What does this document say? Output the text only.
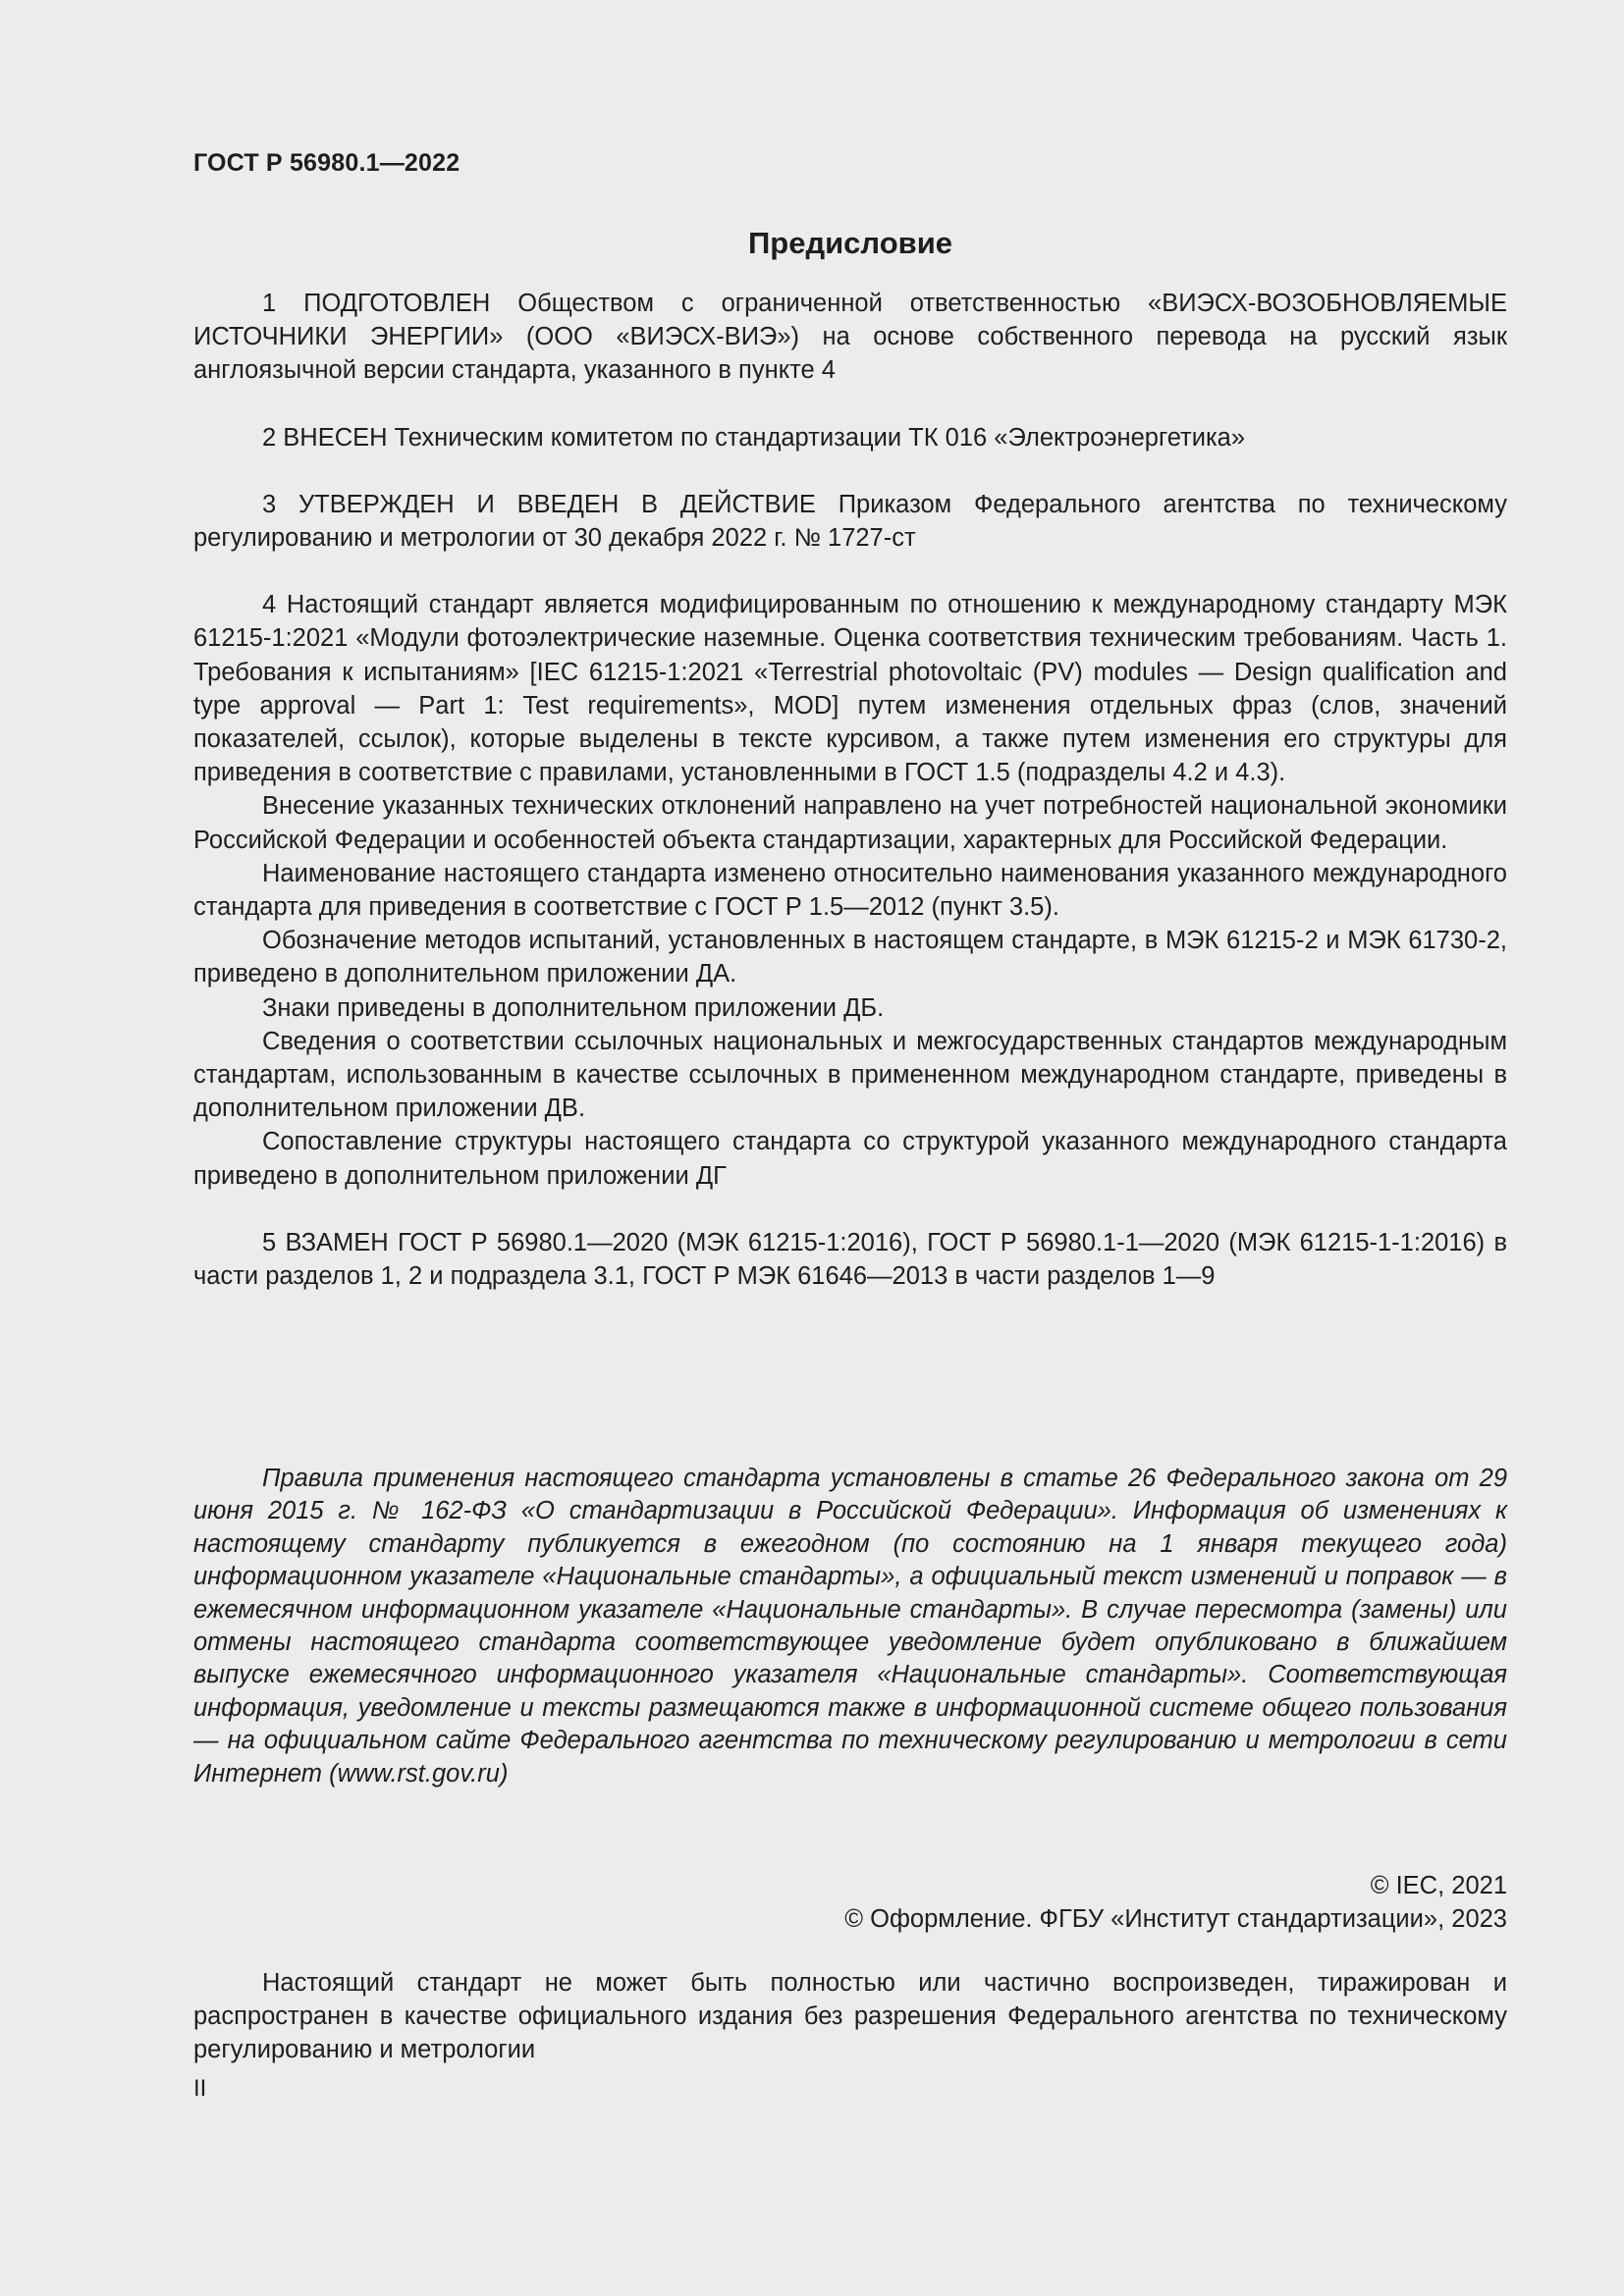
ГОСТ Р 56980.1—2022
Предисловие

1 ПОДГОТОВЛЕН Обществом с ограниченной ответственностью «ВИЭСХ-ВОЗОБНОВЛЯЕМЫЕ ИСТОЧНИКИ ЭНЕРГИИ» (ООО «ВИЭСХ-ВИЭ») на основе собственного перевода на русский язык англоязычной версии стандарта, указанного в пункте 4

2 ВНЕСЕН Техническим комитетом по стандартизации ТК 016 «Электроэнергетика»

3 УТВЕРЖДЕН И ВВЕДЕН В ДЕЙСТВИЕ Приказом Федерального агентства по техническому регулированию и метрологии от 30 декабря 2022 г. № 1727-ст

4 Настоящий стандарт является модифицированным по отношению к международному стандарту МЭК 61215-1:2021 «Модули фотоэлектрические наземные. Оценка соответствия техническим требованиям. Часть 1. Требования к испытаниям» [IEC 61215-1:2021 «Terrestrial photovoltaic (PV) modules — Design qualification and type approval — Part 1: Test requirements», MOD] путем изменения отдельных фраз (слов, значений показателей, ссылок), которые выделены в тексте курсивом, а также путем изменения его структуры для приведения в соответствие с правилами, установленными в ГОСТ 1.5 (подразделы 4.2 и 4.3).

Внесение указанных технических отклонений направлено на учет потребностей национальной экономики Российской Федерации и особенностей объекта стандартизации, характерных для Российской Федерации.

Наименование настоящего стандарта изменено относительно наименования указанного международного стандарта для приведения в соответствие с ГОСТ Р 1.5—2012 (пункт 3.5).

Обозначение методов испытаний, установленных в настоящем стандарте, в МЭК 61215-2 и МЭК 61730-2, приведено в дополнительном приложении ДА.

Знаки приведены в дополнительном приложении ДБ.

Сведения о соответствии ссылочных национальных и межгосударственных стандартов международным стандартам, использованным в качестве ссылочных в примененном международном стандарте, приведены в дополнительном приложении ДВ.

Сопоставление структуры настоящего стандарта со структурой указанного международного стандарта приведено в дополнительном приложении ДГ

5 ВЗАМЕН ГОСТ Р 56980.1—2020 (МЭК 61215-1:2016), ГОСТ Р 56980.1-1—2020 (МЭК 61215-1-1:2016) в части разделов 1, 2 и подраздела 3.1, ГОСТ Р МЭК 61646—2013 в части разделов 1—9

Правила применения настоящего стандарта установлены в статье 26 Федерального закона от 29 июня 2015 г. № 162-ФЗ «О стандартизации в Российской Федерации». Информация об изменениях к настоящему стандарту публикуется в ежегодном (по состоянию на 1 января текущего года) информационном указателе «Национальные стандарты», а официальный текст изменений и поправок — в ежемесячном информационном указателе «Национальные стандарты». В случае пересмотра (замены) или отмены настоящего стандарта соответствующее уведомление будет опубликовано в ближайшем выпуске ежемесячного информационного указателя «Национальные стандарты». Соответствующая информация, уведомление и тексты размещаются также в информационной системе общего пользования — на официальном сайте Федерального агентства по техническому регулированию и метрологии в сети Интернет (www.rst.gov.ru)

© IEC, 2021
© Оформление. ФГБУ «Институт стандартизации», 2023

Настоящий стандарт не может быть полностью или частично воспроизведен, тиражирован и распространен в качестве официального издания без разрешения Федерального агентства по техническому регулированию и метрологии

II
